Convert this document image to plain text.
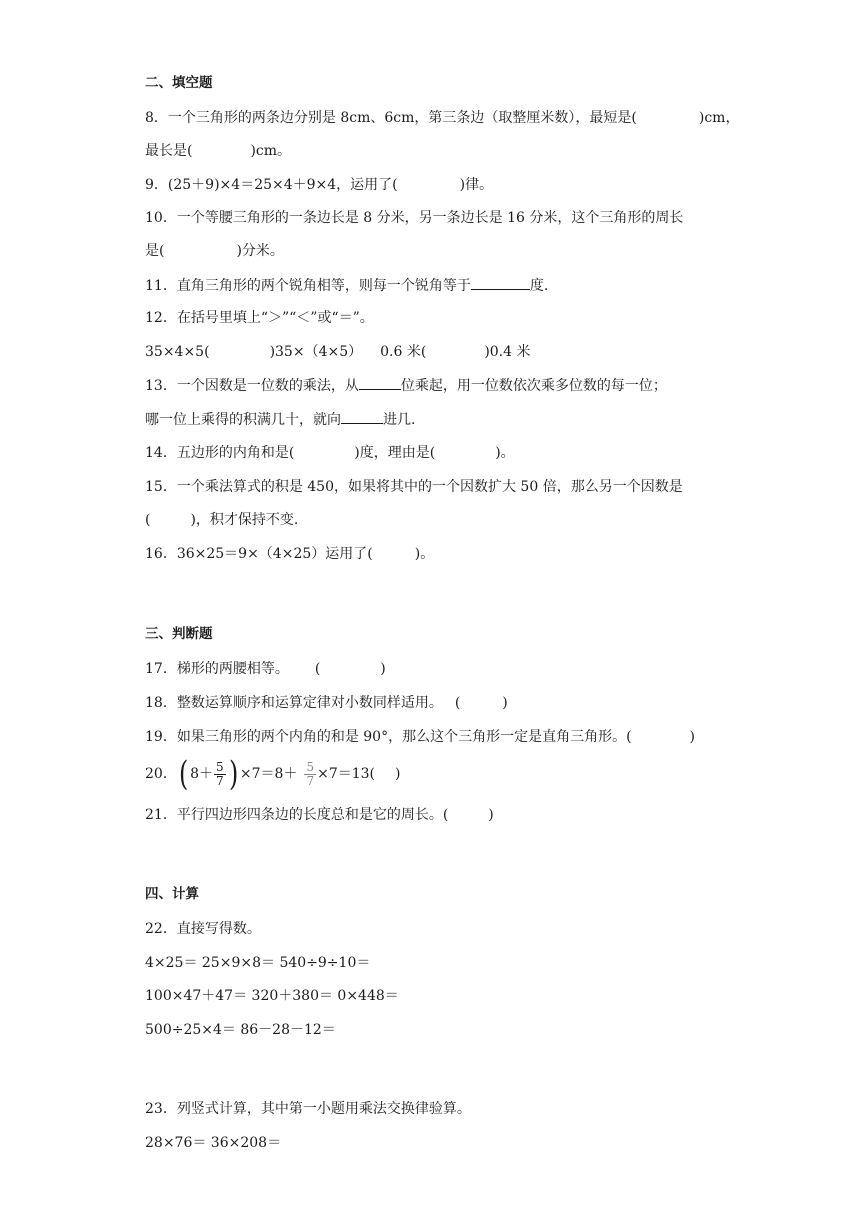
二、填空题
8．一个三角形的两条边分别是 8cm、6cm，第三条边（取整厘米数），最短是(	)cm，
最长是(	)cm。
9．(25＋9)×4＝25×4＋9×4，运用了(	)律。
10．一个等腰三角形的一条边长是 8 分米，另一条边长是 16 分米，这个三角形的周长
是(	)分米。
11．直角三角形的两个锐角相等，则每一个锐角等于	度.
12．在括号里填上“＞”“＜”或“＝”。
35×4×5(	)35×（4×5） 0.6 米(	)0.4 米
13．一个因数是一位数的乘法，从	位乘起，用一位数依次乘多位数的每一位；
哪一位上乘得的积满几十，就向	进几.
14．五边形的内角和是(	)度，理由是(	)。
15．一个乘法算式的积是 450，如果将其中的一个因数扩大 50 倍，那么另一个因数是
(	)，积才保持不变.
16．36×25＝9×（4×25）运用了(	)。
三、判断题
17．梯形的两腰相等。 (	)
18．整数运算顺序和运算定律对小数同样适用。 (	)
19．如果三角形的两个内角的和是 90°，那么这个三角形一定是直角三角形。(	)
20． ( $8+ \frac{5}{7}$ ) $\times 7=8+ \frac{5}{7} \times 7=13$( )
21．平行四边形四条边的长度总和是它的周长。(	)
四、计算
22．直接写得数。
4×25＝ 25×9×8＝ 540÷9÷10＝
100×47＋47＝ 320＋380＝ 0×448＝
500÷25×4＝ 86－28－12＝
23．列竖式计算，其中第一小题用乘法交换律验算。
28×76＝ 36×208＝
